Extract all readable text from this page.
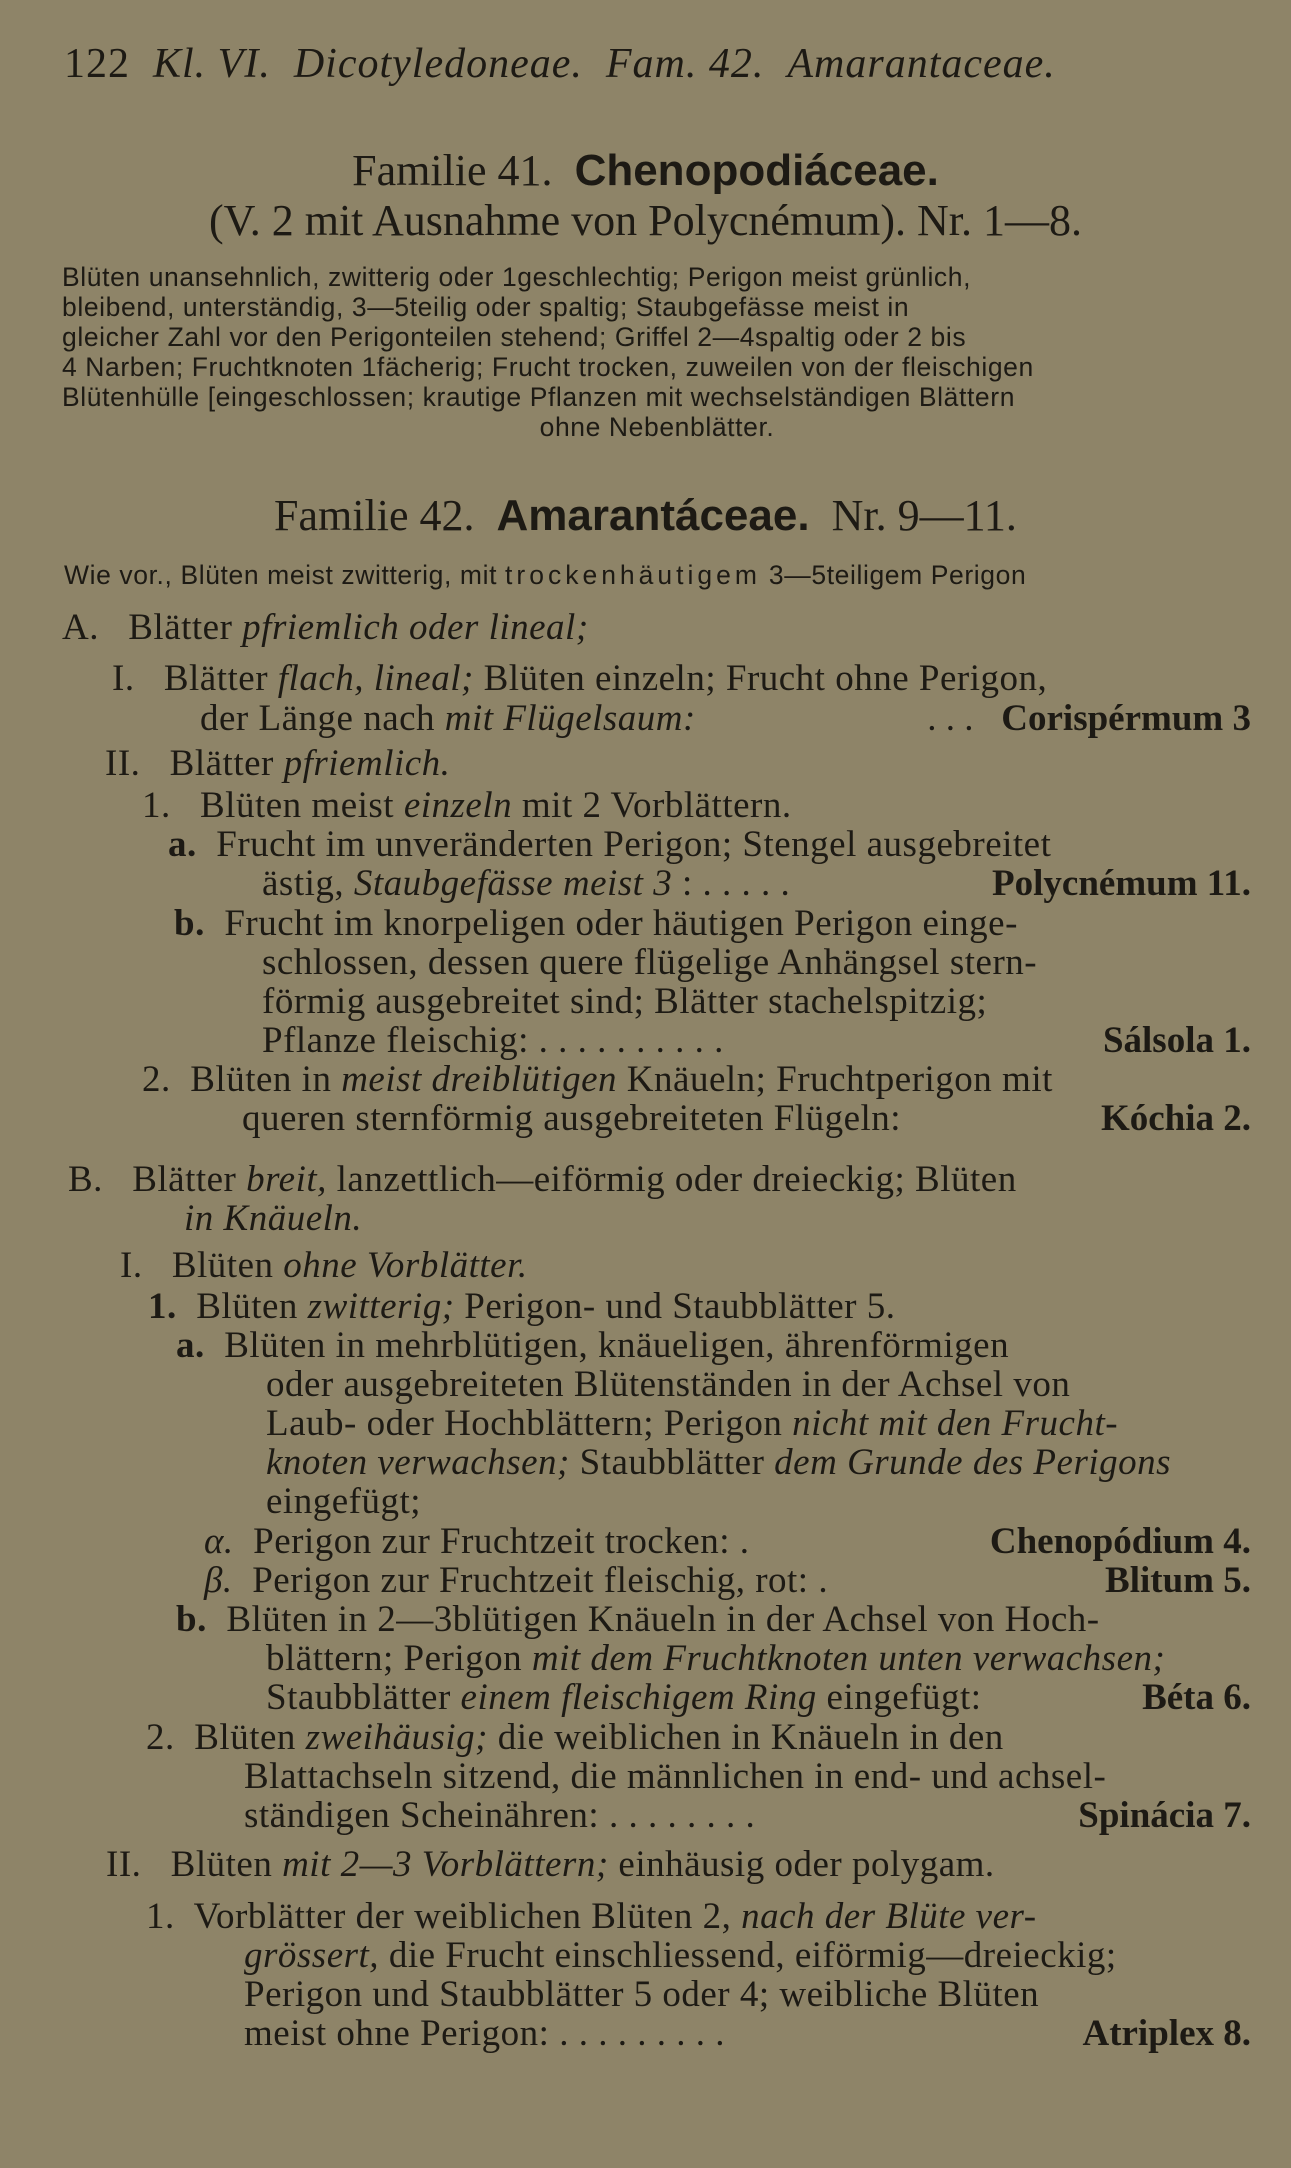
122 Kl. VI. Dicotyledoneae. Fam. 42. Amarantaceae.
Familie 41. Chenopodiáceae.
(V. 2 mit Ausnahme von Polycnémum). Nr. 1—8.
Blüten unansehnlich, zwitterig oder 1geschlechtig; Perigon meist grünlich,
bleibend, unterständig, 3—5teilig oder spaltig; Staubgefässe meist in
gleicher Zahl vor den Perigonteilen stehend; Griffel 2—4spaltig oder 2 bis
4 Narben; Fruchtknoten 1fächerig; Frucht trocken, zuweilen von der fleischigen
Blütenhülle [eingeschlossen; krautige Pflanzen mit wechselständigen Blättern
ohne Nebenblätter.
Familie 42. Amarantáceae. Nr. 9—11.
Wie vor., Blüten meist zwitterig, mit trockenhäutigem 3—5teiligem Perigon
A. Blätter pfriemlich oder lineal;
I. Blätter flach, lineal; Blüten einzeln; Frucht ohne Perigon,
der Länge nach mit Flügelsaum:	. . . Corispérmum 3
II. Blätter pfriemlich.
1. Blüten meist einzeln mit 2 Vorblättern.
a. Frucht im unveränderten Perigon; Stengel ausgebreitet
ästig, Staubgefässe meist 3 : . . . . .	Polycnémum 11.
b. Frucht im knorpeligen oder häutigen Perigon einge-
schlossen, dessen quere flügelige Anhängsel stern-
förmig ausgebreitet sind; Blätter stachelspitzig;
Pflanze fleischig: . . . . . . . . . .	Sálsola 1.
2. Blüten in meist dreiblütigen Knäueln; Fruchtperigon mit
queren sternförmig ausgebreiteten Flügeln:	Kóchia 2.
B. Blätter breit, lanzettlich—eiförmig oder dreieckig; Blüten
in Knäueln.
I. Blüten ohne Vorblätter.
1. Blüten zwitterig; Perigon- und Staubblätter 5.
a. Blüten in mehrblütigen, knäueligen, ährenförmigen
oder ausgebreiteten Blütenständen in der Achsel von
Laub- oder Hochblättern; Perigon nicht mit den Frucht-
knoten verwachsen; Staubblätter dem Grunde des Perigons
eingefügt;
α. Perigon zur Fruchtzeit trocken: .	Chenopódium 4.
β. Perigon zur Fruchtzeit fleischig, rot: .	Blitum 5.
b. Blüten in 2—3blütigen Knäueln in der Achsel von Hoch-
blättern; Perigon mit dem Fruchtknoten unten verwachsen;
Staubblätter einem fleischigem Ring eingefügt:	Béta 6.
2. Blüten zweihäusig; die weiblichen in Knäueln in den
Blattachseln sitzend, die männlichen in end- und achsel-
ständigen Scheinähren: . . . . . . . .	Spinácia 7.
II. Blüten mit 2—3 Vorblättern; einhäusig oder polygam.
1. Vorblätter der weiblichen Blüten 2, nach der Blüte ver-
grössert, die Frucht einschliessend, eiförmig—dreieckig;
Perigon und Staubblätter 5 oder 4; weibliche Blüten
meist ohne Perigon: . . . . . . . . .	Atriplex 8.
